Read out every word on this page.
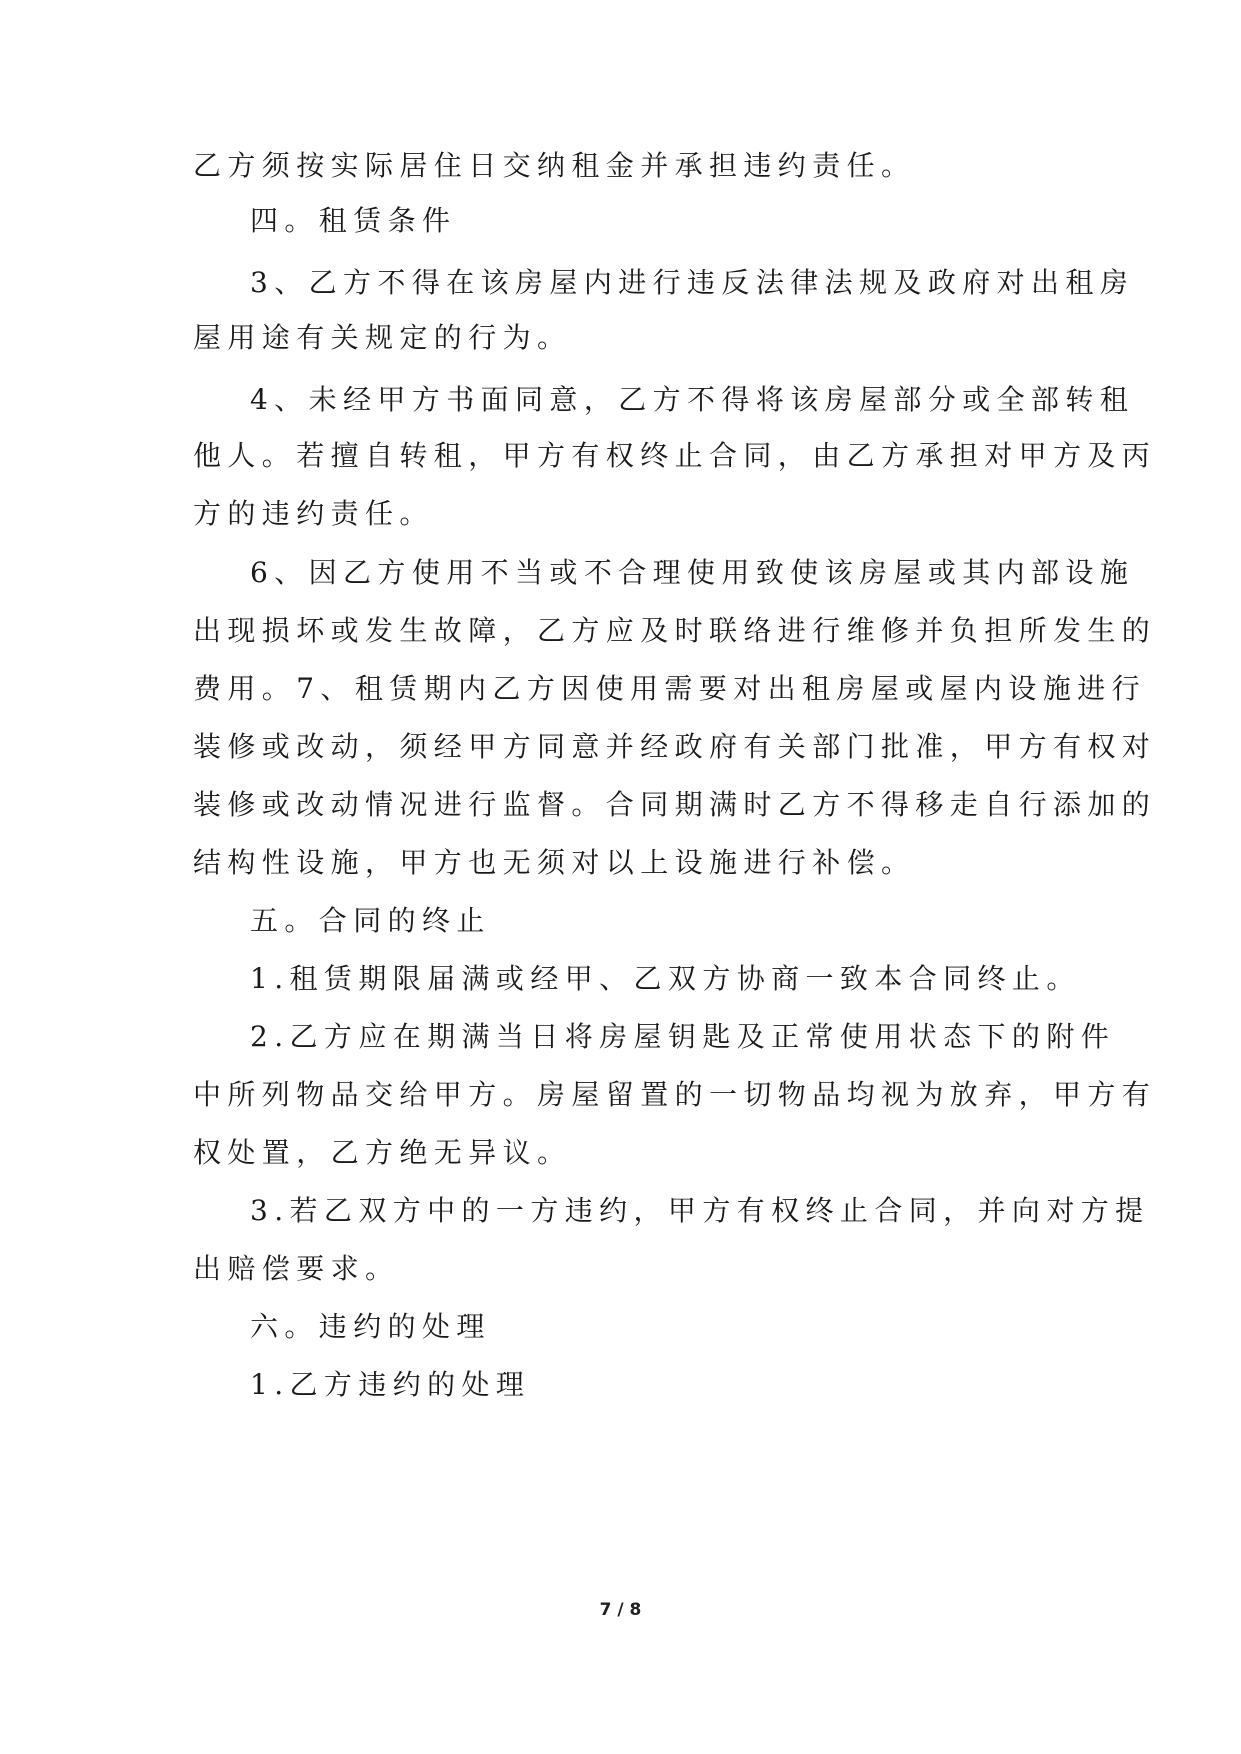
乙方须按实际居住日交纳租金并承担违约责任。
四。租赁条件
3、乙方不得在该房屋内进行违反法律法规及政府对出租房
屋用途有关规定的行为。
4、未经甲方书面同意，乙方不得将该房屋部分或全部转租
他人。若擅自转租，甲方有权终止合同，由乙方承担对甲方及丙
方的违约责任。
6、因乙方使用不当或不合理使用致使该房屋或其内部设施
出现损坏或发生故障，乙方应及时联络进行维修并负担所发生的
费用。7、租赁期内乙方因使用需要对出租房屋或屋内设施进行
装修或改动，须经甲方同意并经政府有关部门批准，甲方有权对
装修或改动情况进行监督。合同期满时乙方不得移走自行添加的
结构性设施，甲方也无须对以上设施进行补偿。
五。合同的终止
1.租赁期限届满或经甲、乙双方协商一致本合同终止。
2.乙方应在期满当日将房屋钥匙及正常使用状态下的附件
中所列物品交给甲方。房屋留置的一切物品均视为放弃，甲方有
权处置，乙方绝无异议。
3.若乙双方中的一方违约，甲方有权终止合同，并向对方提
出赔偿要求。
六。违约的处理
1.乙方违约的处理
7 / 8
